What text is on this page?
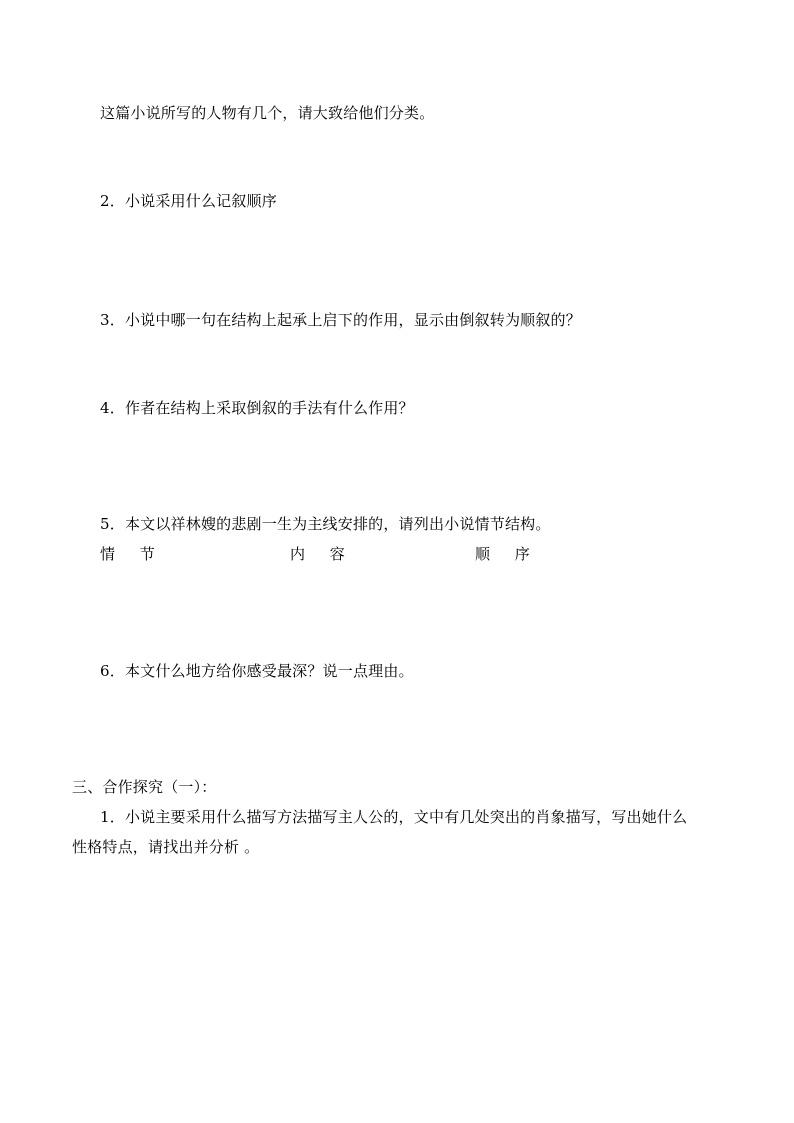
这篇小说所写的人物有几个，请大致给他们分类。
2．小说采用什么记叙顺序
3．小说中哪一句在结构上起承上启下的作用，显示由倒叙转为顺叙的？
4．作者在结构上采取倒叙的手法有什么作用？
5．本文以祥林嫂的悲剧一生为主线安排的，请列出小说情节结构。
情 节	内 容	顺 序
6．本文什么地方给你感受最深？说一点理由。
三、合作探究（一）：
1．小说主要采用什么描写方法描写主人公的，文中有几处突出的肖象描写，写出她什么
性格特点，请找出并分析 。
